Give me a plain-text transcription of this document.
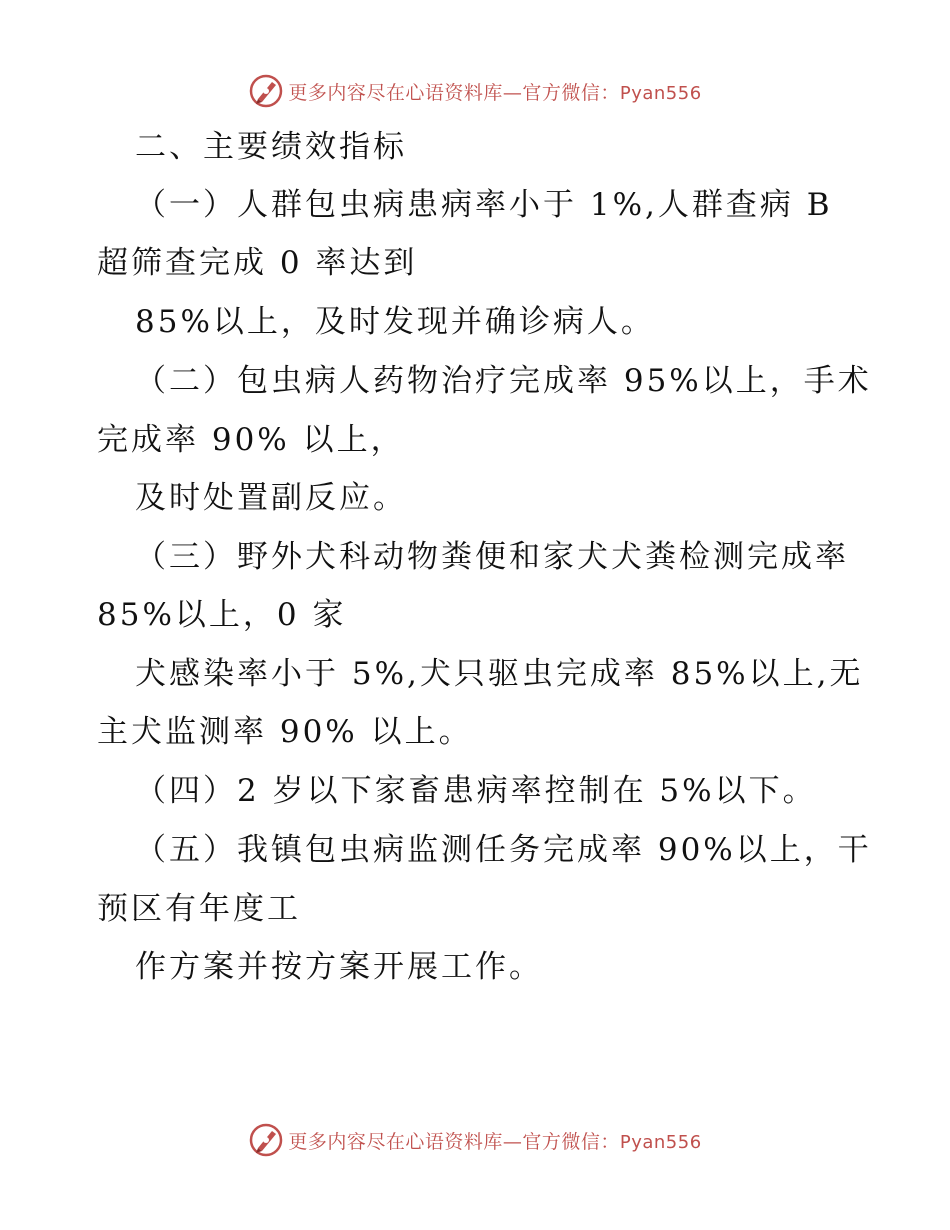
更多内容尽在心语资料库—官方微信：Pyan556
二、主要绩效指标
（一）人群包虫病患病率小于 1%,人群查病 B
超筛查完成 0 率达到
85%以上，及时发现并确诊病人。
（二）包虫病人药物治疗完成率 95%以上，手术
完成率 90% 以上，
及时处置副反应。
（三）野外犬科动物粪便和家犬犬粪检测完成率
85%以上，0 家
犬感染率小于 5%,犬只驱虫完成率 85%以上,无
主犬监测率 90% 以上。
（四）2 岁以下家畜患病率控制在 5%以下。
（五）我镇包虫病监测任务完成率 90%以上，干
预区有年度工
作方案并按方案开展工作。
更多内容尽在心语资料库—官方微信：Pyan556
